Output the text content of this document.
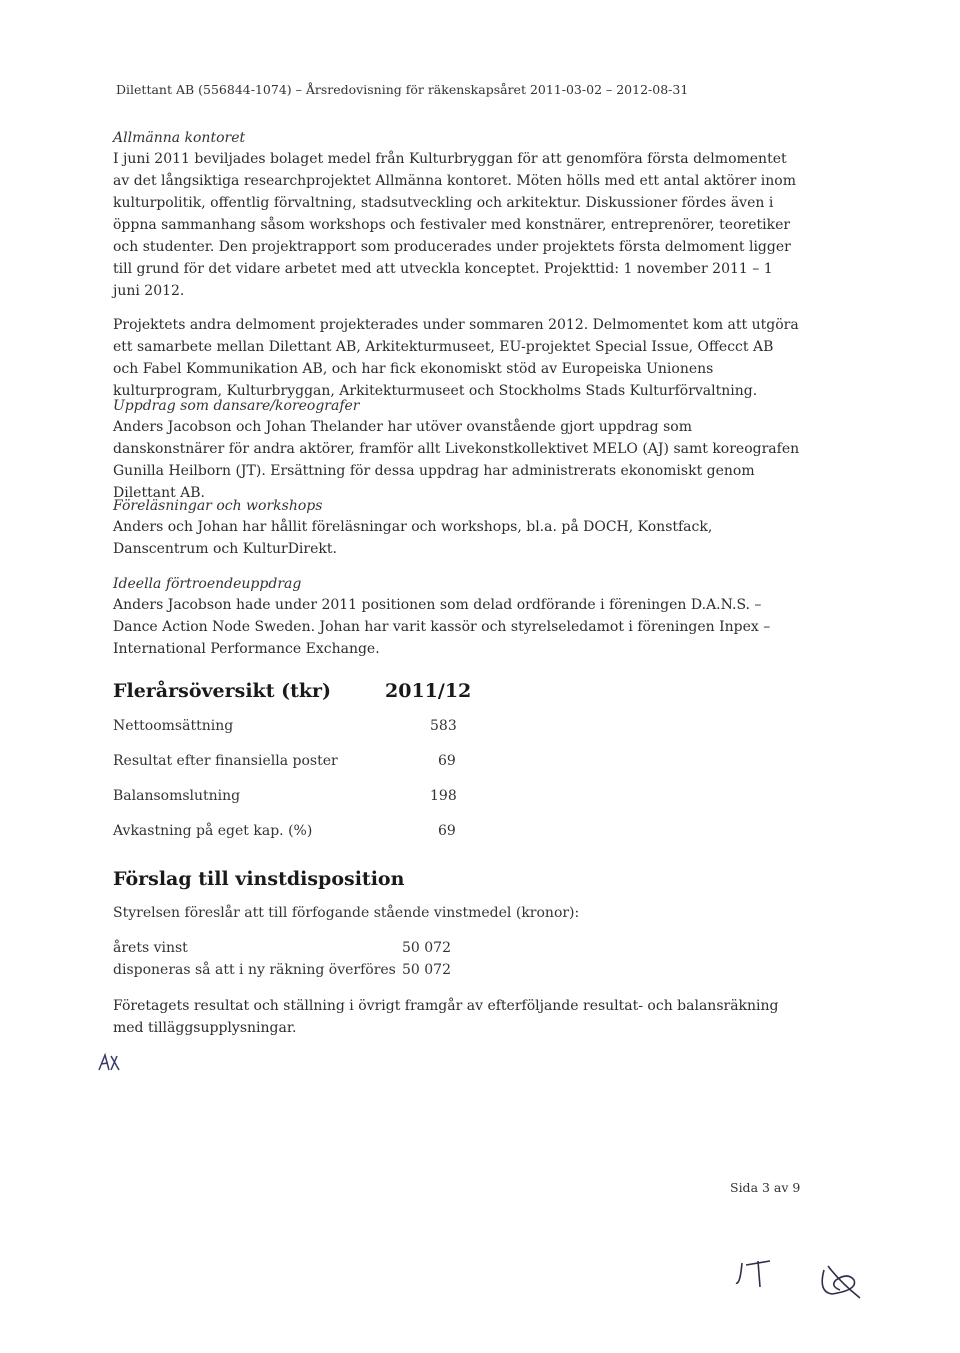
Dilettant AB (556844-1074) – Årsredovisning för räkenskapsåret 2011-03-02 – 2012-08-31

Allmänna kontoret

I juni 2011 beviljades bolaget medel från Kulturbryggan för att genomföra första delmomentet av det långsiktiga researchprojektet Allmänna kontoret. Möten hölls med ett antal aktörer inom kulturpolitik, offentlig förvaltning, stadsutveckling och arkitektur. Diskussioner fördes även i öppna sammanhang såsom workshops och festivaler med konstnärer, entreprenörer, teoretiker och studenter. Den projektrapport som producerades under projektets första delmoment ligger till grund för det vidare arbetet med att utveckla konceptet. Projekttid: 1 november 2011 – 1 juni 2012.

Projektets andra delmoment projekterades under sommaren 2012. Delmomentet kom att utgöra ett samarbete mellan Dilettant AB, Arkitekturmuseet, EU-projektet Special Issue, Offecct AB och Fabel Kommunikation AB, och har fick ekonomiskt stöd av Europeiska Unionens kulturprogram, Kulturbryggan, Arkitekturmuseet och Stockholms Stads Kulturförvaltning.

Uppdrag som dansare/koreografer

Anders Jacobson och Johan Thelander har utöver ovanstående gjort uppdrag som danskonstnärer för andra aktörer, framför allt Livekonstkollektivet MELO (AJ) samt koreografen Gunilla Heilborn (JT). Ersättning för dessa uppdrag har administrerats ekonomiskt genom Dilettant AB.

Föreläsningar och workshops

Anders och Johan har hållit föreläsningar och workshops, bl.a. på DOCH, Konstfack, Danscentrum och KulturDirekt.

Ideella förtroendeuppdrag

Anders Jacobson hade under 2011 positionen som delad ordförande i föreningen D.A.N.S. – Dance Action Node Sweden. Johan har varit kassör och styrelseledamot i föreningen Inpex – International Performance Exchange.

Flerårsöversikt (tkr)	2011/12
Nettoomsättning	583
Resultat efter finansiella poster	69
Balansomslutning	198
Avkastning på eget kap. (%)	69
Förslag till vinstdisposition
Styrelsen föreslår att till förfogande stående vinstmedel (kronor):
årets vinst	50 072
disponeras så att i ny räkning överföres 50 072
Företagets resultat och ställning i övrigt framgår av efterföljande resultat- och balansräkning med tilläggsupplysningar.
Sida 3 av 9
